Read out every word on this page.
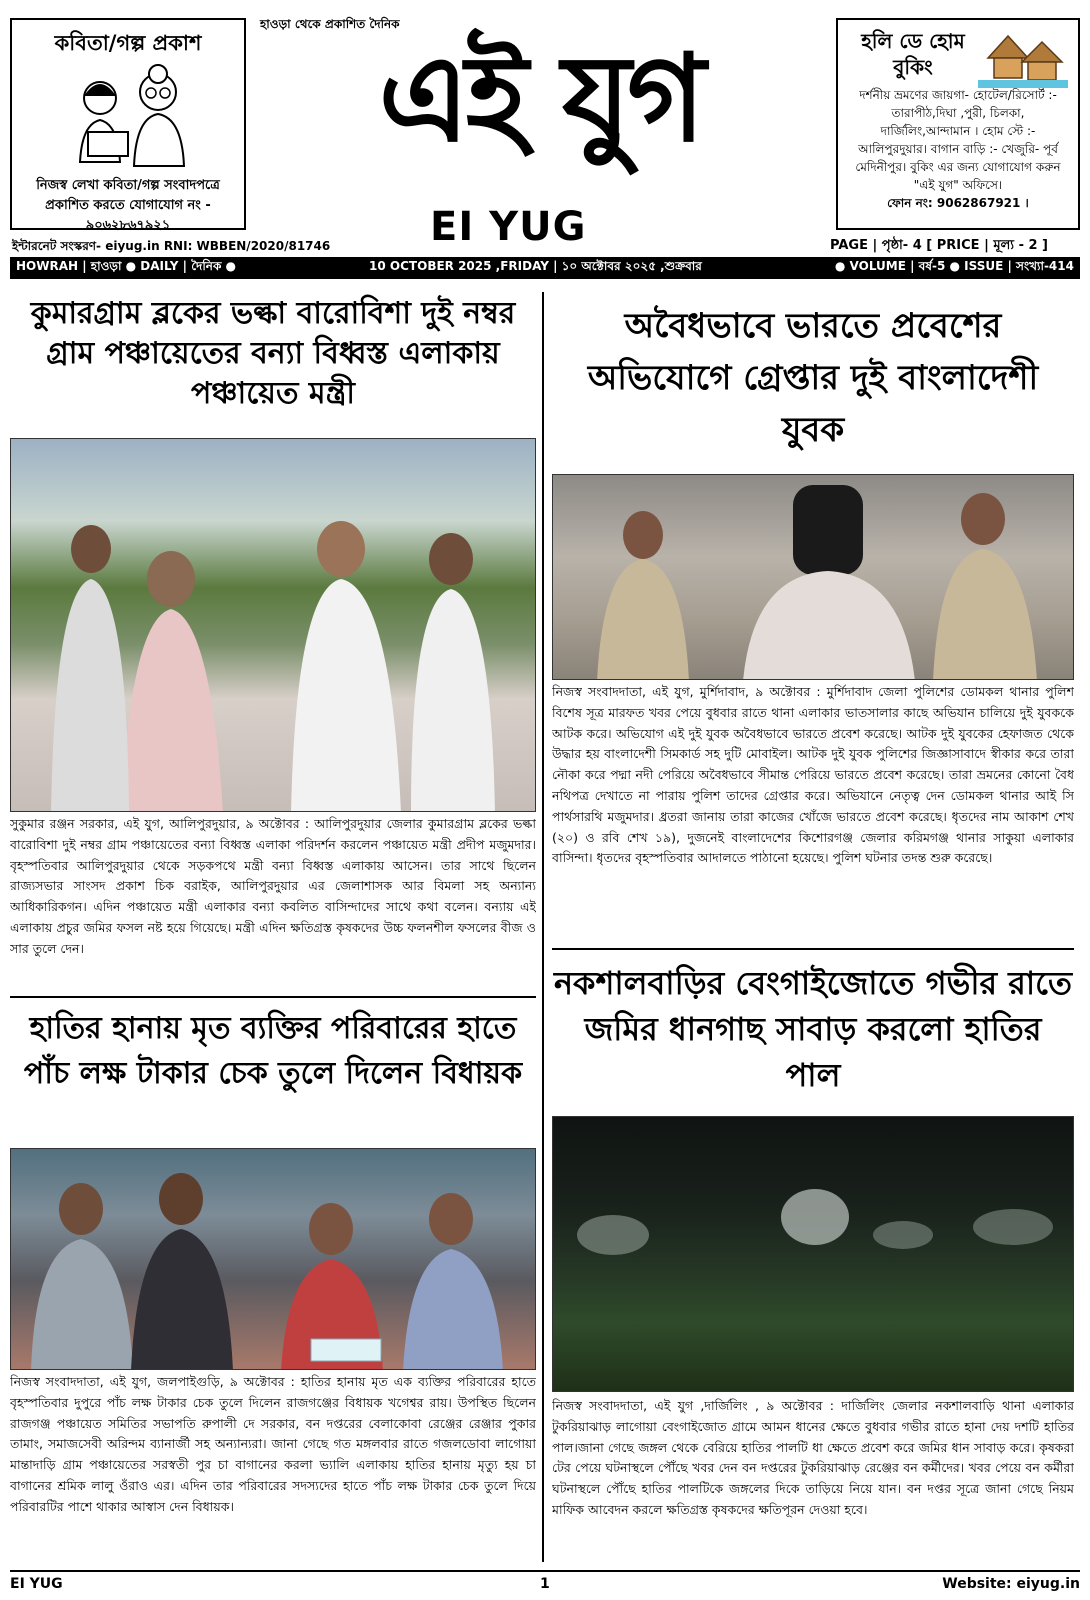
কবিতা/গল্প প্রকাশ
নিজস্ব লেখা কবিতা/গল্প সংবাদপত্রে প্রকাশিত করতে যোগাযোগ নং - ৯০৬২৮৬৭৯২১
হাওড়া থেকে প্রকাশিত দৈনিক
এই যুগ
EI YUG
হলি ডে হোম বুকিং
দর্শনীয় ভ্রমণের জায়গা- হোটেল/রিসোর্ট :- তারাপীঠ,দিঘা ,পুরী, চিলকা, দার্জিলিং,আন্দামান । হোম স্টে :- আলিপুরদুয়ার। বাগান বাড়ি :- খেজুরি- পূর্ব মেদিনীপুর। বুকিং এর জন্য যোগাযোগ করুন "এই যুগ" অফিসে।
ফোন নং: 9062867921 ।
ইন্টারনেট সংস্করণ- eiyug.in RNI: WBBEN/2020/81746	PAGE | পৃষ্ঠা- 4 [ PRICE | মূল্য - 2 ]
HOWRAH | হাওড়া ● DAILY | দৈনিক ●	10 OCTOBER 2025 ,FRIDAY | ১০ অক্টোবর ২০২৫ ,শুক্রবার	● VOLUME | বর্ষ-5 ● ISSUE | সংখ্যা-414
কুমারগ্রাম ব্লকের ভল্কা বারোবিশা দুই নম্বর গ্রাম পঞ্চায়েতের বন্যা বিধ্বস্ত এলাকায় পঞ্চায়েত মন্ত্রী
সুকুমার রঞ্জন সরকার, এই যুগ, আলিপুরদুয়ার, ৯ অক্টোবর : আলিপুরদুয়ার জেলার কুমারগ্রাম ব্লকের ভল্কা বারোবিশা দুই নম্বর গ্রাম পঞ্চায়েতের বন্যা বিধ্বস্ত এলাকা পরিদর্শন করলেন পঞ্চায়েত মন্ত্রী প্রদীপ মজুমদার। বৃহস্পতিবার আলিপুরদুয়ার থেকে সড়কপথে মন্ত্রী বন্যা বিধ্বস্ত এলাকায় আসেন। তার সাথে ছিলেন রাজ্যসভার সাংসদ প্রকাশ চিক বরাইক, আলিপুরদুয়ার এর জেলাশাসক আর বিমলা সহ অন্যান্য আধিকারিকগন। এদিন পঞ্চায়েত মন্ত্রী এলাকার বন্যা কবলিত বাসিন্দাদের সাথে কথা বলেন। বন্যায় এই এলাকায় প্রচুর জমির ফসল নষ্ট হয়ে গিয়েছে। মন্ত্রী এদিন ক্ষতিগ্রস্ত কৃষকদের উচ্চ ফলনশীল ফসলের বীজ ও সার তুলে দেন।
অবৈধভাবে ভারতে প্রবেশের অভিযোগে গ্রেপ্তার দুই বাংলাদেশী যুবক
নিজস্ব সংবাদদাতা, এই যুগ, মুর্শিদাবাদ, ৯ অক্টোবর : মুর্শিদাবাদ জেলা পুলিশের ডোমকল থানার পুলিশ বিশেষ সূত্র মারফত খবর পেয়ে বুধবার রাতে থানা এলাকার ভাতসালার কাছে অভিযান চালিয়ে দুই যুবককে আটক করে। অভিযোগ এই দুই যুবক অবৈধভাবে ভারতে প্রবেশ করেছে। আটক দুই যুবকের হেফাজত থেকে উদ্ধার হয় বাংলাদেশী সিমকার্ড সহ দুটি মোবাইল। আটক দুই যুবক পুলিশের জিজ্ঞাসাবাদে স্বীকার করে তারা নৌকা করে পদ্মা নদী পেরিয়ে অবৈধভাবে সীমান্ত পেরিয়ে ভারতে প্রবেশ করেছে। তারা ভ্রমনের কোনো বৈধ নথিপত্র দেখাতে না পারায় পুলিশ তাদের গ্রেপ্তার করে। অভিযানে নেতৃত্ব দেন ডোমকল থানার আই সি পার্থসারথি মজুমদার। ধ্রতরা জানায় তারা কাজের খোঁজে ভারতে প্রবেশ করেছে। ধৃতদের নাম আকাশ শেখ (২০) ও রবি শেখ ১৯), দুজনেই বাংলাদেশের কিশোরগঞ্জ জেলার করিমগঞ্জ থানার সাকুয়া এলাকার বাসিন্দা। ধৃতদের বৃহস্পতিবার আদালতে পাঠানো হয়েছে। পুলিশ ঘটনার তদন্ত শুরু করেছে।
হাতির হানায় মৃত ব্যক্তির পরিবারের হাতে পাঁচ লক্ষ টাকার চেক তুলে দিলেন বিধায়ক
নিজস্ব সংবাদদাতা, এই যুগ, জলপাইগুড়ি, ৯ অক্টোবর : হাতির হানায় মৃত এক ব্যক্তির পরিবারের হাতে বৃহস্পতিবার দুপুরে পাঁচ লক্ষ টাকার চেক তুলে দিলেন রাজগঞ্জের বিধায়ক খগেশ্বর রায়। উপস্থিত ছিলেন রাজগঞ্জ পঞ্চায়েত সমিতির সভাপতি রুপালী দে সরকার, বন দপ্তরের বেলাকোবা রেঞ্জের রেঞ্জার পুকার তামাং, সমাজসেবী অরিন্দম ব্যানার্জী সহ অন্যান্যরা। জানা গেছে গত মঙ্গলবার রাতে গজলডোবা লাগোয়া মান্তাদাড়ি গ্রাম পঞ্চায়েতের সরস্বতী পুর চা বাগানের করলা ভ্যালি এলাকায় হাতির হানায় মৃত্যু হয় চা বাগানের শ্রমিক লালু ওঁরাও এর। এদিন তার পরিবারের সদস্যদের হাতে পাঁচ লক্ষ টাকার চেক তুলে দিয়ে পরিবারটির পাশে থাকার আস্বাস দেন বিধায়ক।
নকশালবাড়ির বেংগাইজোতে গভীর রাতে জমির ধানগাছ সাবাড় করলো হাতির পাল
নিজস্ব সংবাদদাতা, এই যুগ ,দার্জিলিং , ৯ অক্টোবর : দার্জিলিং জেলার নকশালবাড়ি থানা এলাকার টুকরিয়াঝাড় লাগোয়া বেংগাইজোত গ্রামে আমন ধানের ক্ষেতে বুধবার গভীর রাতে হানা দেয় দশটি হাতির পাল।জানা গেছে জঙ্গল থেকে বেরিয়ে হাতির পালটি ধা ক্ষেতে প্রবেশ করে জমির ধান সাবাড় করে। কৃষকরা টের পেয়ে ঘটনাস্থলে পৌঁছে খবর দেন বন দপ্তরের টুকরিয়াঝাড় রেঞ্জের বন কর্মীদের। খবর পেয়ে বন কর্মীরা ঘটনাস্থলে পৌঁছে হাতির পালটিকে জঙ্গলের দিকে তাড়িয়ে নিয়ে যান। বন দপ্তর সূত্রে জানা গেছে নিয়ম মাফিক আবেদন করলে ক্ষতিগ্রস্ত কৃষকদের ক্ষতিপূরন দেওয়া হবে।
EI YUG	1	Website: eiyug.in
